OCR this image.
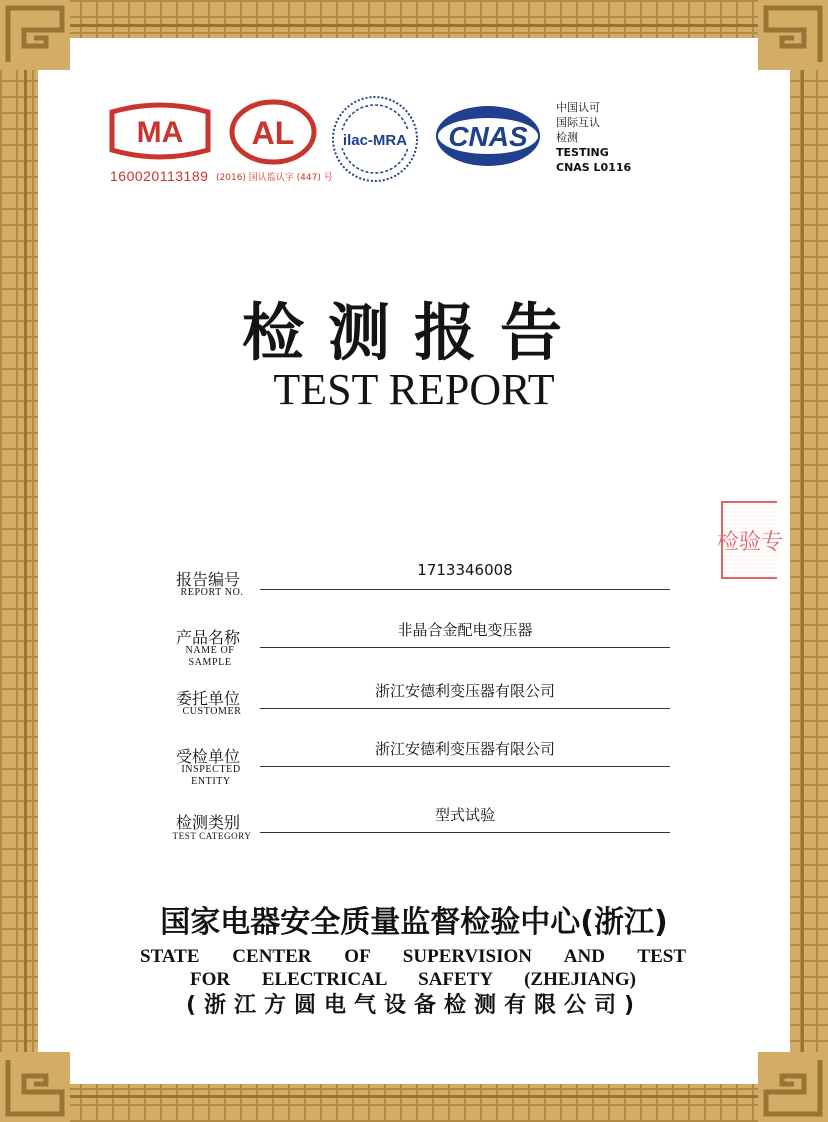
MA AL	ilac-MRA CNAS
中国认可
国际互认
检测
TESTING
CNAS L0116
160020113189 (2016) 国认监认字 (447) 号
检测报告
TEST REPORT
报告编号
REPORT NO.
1713346008
产品名称
NAME OF SAMPLE
非晶合金配电变压器
委托单位
CUSTOMER
浙江安德利变压器有限公司
受检单位
INSPECTED ENTITY
浙江安德利变压器有限公司
检测类别
TEST CATEGORY
型式试验
国家电器安全质量监督检验中心(浙江)
STATE CENTER OF SUPERVISION AND TEST
FOR ELECTRICAL SAFETY (ZHEJIANG)
(浙江方圆电气设备检测有限公司)
检验专
